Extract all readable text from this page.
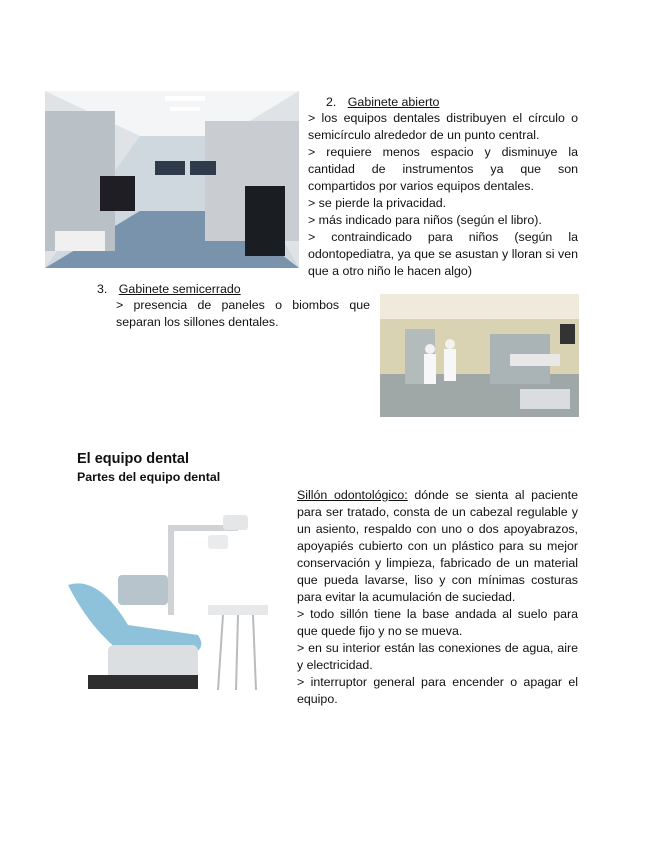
2. Gabinete abierto
> los equipos dentales distribuyen el círculo o semicírculo alrededor de un punto central.
> requiere menos espacio y disminuye la cantidad de instrumentos ya que son compartidos por varios equipos dentales.
> se pierde la privacidad.
> más indicado para niños (según el libro).
> contraindicado para niños (según la odontopediatra, ya que se asustan y lloran si ven que a otro niño le hacen algo)
3. Gabinete semicerrado
> presencia de paneles o biombos que separan los sillones dentales.
El equipo dental
Partes del equipo dental
Sillón odontológico: dónde se sienta al paciente para ser tratado, consta de un cabezal regulable y un asiento, respaldo con uno o dos apoyabrazos, apoyapiés cubierto con un plástico para su mejor conservación y limpieza, fabricado de un material que pueda lavarse, liso y con mínimas costuras para evitar la acumulación de suciedad.
> todo sillón tiene la base andada al suelo para que quede fijo y no se mueva.
> en su interior están las conexiones de agua, aire y electricidad.
> interruptor general para encender o apagar el equipo.
